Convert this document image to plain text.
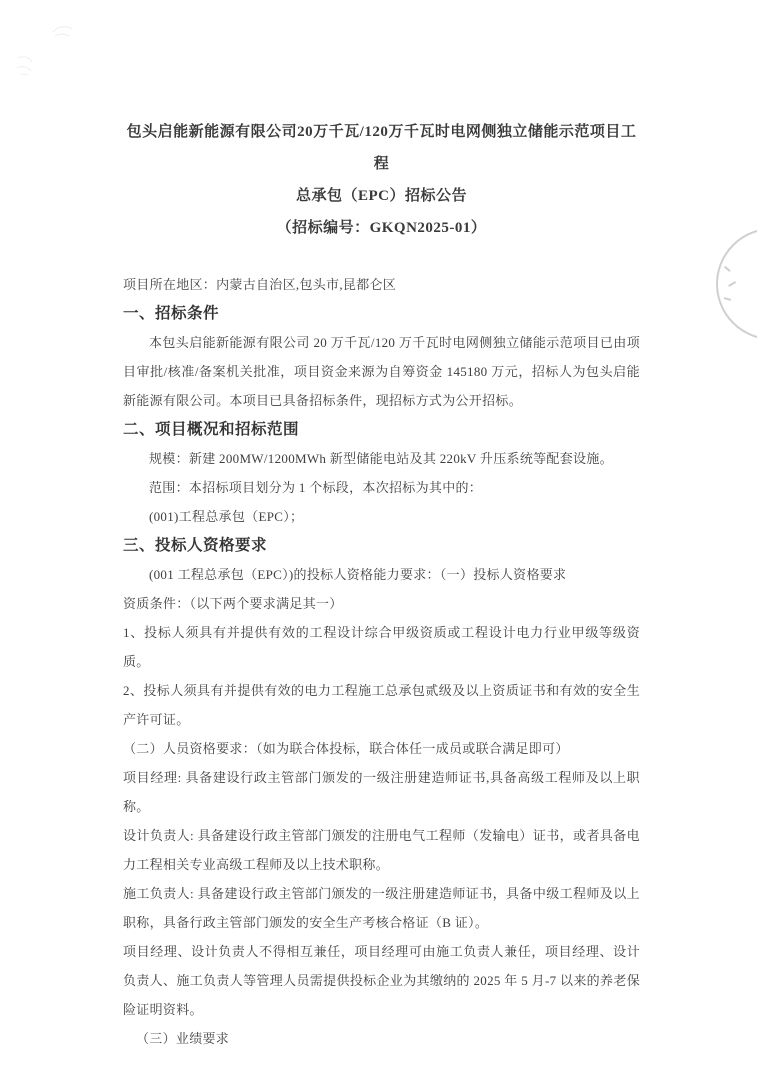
包头启能新能源有限公司20万千瓦/120万千瓦时电网侧独立储能示范项目工程
总承包（EPC）招标公告
（招标编号：GKQN2025-01）

项目所在地区：内蒙古自治区,包头市,昆都仑区

一、招标条件

本包头启能新能源有限公司 20 万千瓦/120 万千瓦时电网侧独立储能示范项目已由项目审批/核准/备案机关批准，项目资金来源为自筹资金 145180 万元，招标人为包头启能新能源有限公司。本项目已具备招标条件，现招标方式为公开招标。

二、项目概况和招标范围

规模：新建 200MW/1200MWh 新型储能电站及其 220kV 升压系统等配套设施。

范围：本招标项目划分为 1 个标段，本次招标为其中的：

(001)工程总承包（EPC）；

三、投标人资格要求

(001 工程总承包（EPC）)的投标人资格能力要求：（一）投标人资格要求

资质条件：（以下两个要求满足其一）

1、投标人须具有并提供有效的工程设计综合甲级资质或工程设计电力行业甲级等级资质。

2、投标人须具有并提供有效的电力工程施工总承包贰级及以上资质证书和有效的安全生产许可证。

（二）人员资格要求：（如为联合体投标，联合体任一成员或联合满足即可）

项目经理: 具备建设行政主管部门颁发的一级注册建造师证书,具备高级工程师及以上职称。

设计负责人: 具备建设行政主管部门颁发的注册电气工程师（发输电）证书，或者具备电力工程相关专业高级工程师及以上技术职称。

施工负责人: 具备建设行政主管部门颁发的一级注册建造师证书，具备中级工程师及以上职称，具备行政主管部门颁发的安全生产考核合格证（B 证）。

项目经理、设计负责人不得相互兼任，项目经理可由施工负责人兼任，项目经理、设计负责人、施工负责人等管理人员需提供投标企业为其缴纳的 2025 年 5 月-7 以来的养老保险证明资料。

（三）业绩要求
